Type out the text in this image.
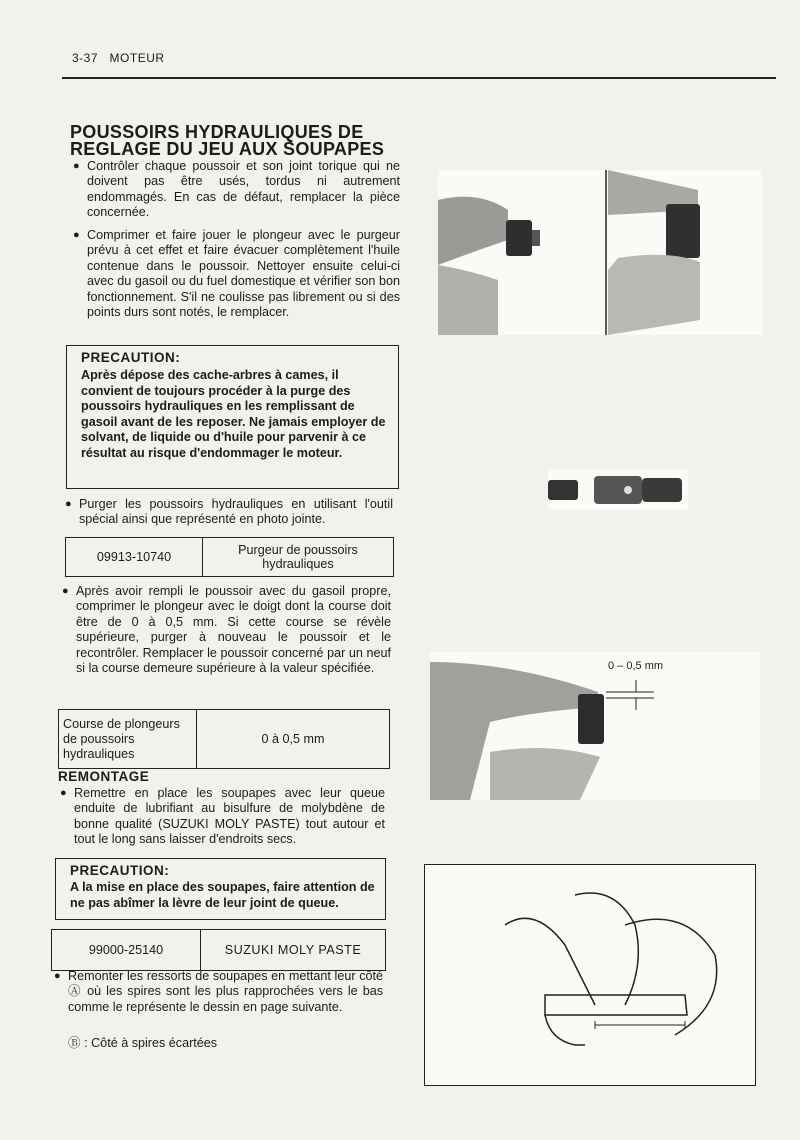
3-37 MOTEUR
POUSSOIRS HYDRAULIQUES DE REGLAGE DU JEU AUX SOUPAPES
● Contrôler chaque poussoir et son joint torique qui ne doivent pas être usés, tordus ni autrement endommagés. En cas de défaut, remplacer la pièce concernée.
● Comprimer et faire jouer le plongeur avec le purgeur prévu à cet effet et faire évacuer complètement l'huile contenue dans le poussoir. Nettoyer ensuite celui-ci avec du gasoil ou du fuel domestique et vérifier son bon fonctionnement. S'il ne coulisse pas librement ou si des points durs sont notés, le remplacer.
PRECAUTION:
Après dépose des cache-arbres à cames, il convient de toujours procéder à la purge des poussoirs hydrauliques en les remplissant de gasoil avant de les reposer. Ne jamais employer de solvant, de liquide ou d'huile pour parvenir à ce résultat au risque d'endommager le moteur.
● Purger les poussoirs hydrauliques en utilisant l'outil spécial ainsi que représenté en photo jointe.
09913-10740	Purgeur de poussoirs hydrauliques
● Après avoir rempli le poussoir avec du gasoil propre, comprimer le plongeur avec le doigt dont la course doit être de 0 à 0,5 mm. Si cette course se révèle supérieure, purger à nouveau le poussoir et le recontrôler. Remplacer le poussoir concerné par un neuf si la course demeure supérieure à la valeur spécifiée.
Course de plongeurs de poussoirs hydrauliques
0 à 0,5 mm
REMONTAGE
● Remettre en place les soupapes avec leur queue enduite de lubrifiant au bisulfure de molybdène de bonne qualité (SUZUKI MOLY PASTE) tout autour et tout le long sans laisser d'endroits secs.
PRECAUTION:
A la mise en place des soupapes, faire attention de ne pas abîmer la lèvre de leur joint de queue.
99000-25140	SUZUKI MOLY PASTE
● Remonter les ressorts de soupapes en mettant leur côté Ⓐ où les spires sont les plus rapprochées vers le bas comme le représente le dessin en page suivante.
Ⓑ : Côté à spires écartées
0 – 0,5 mm
